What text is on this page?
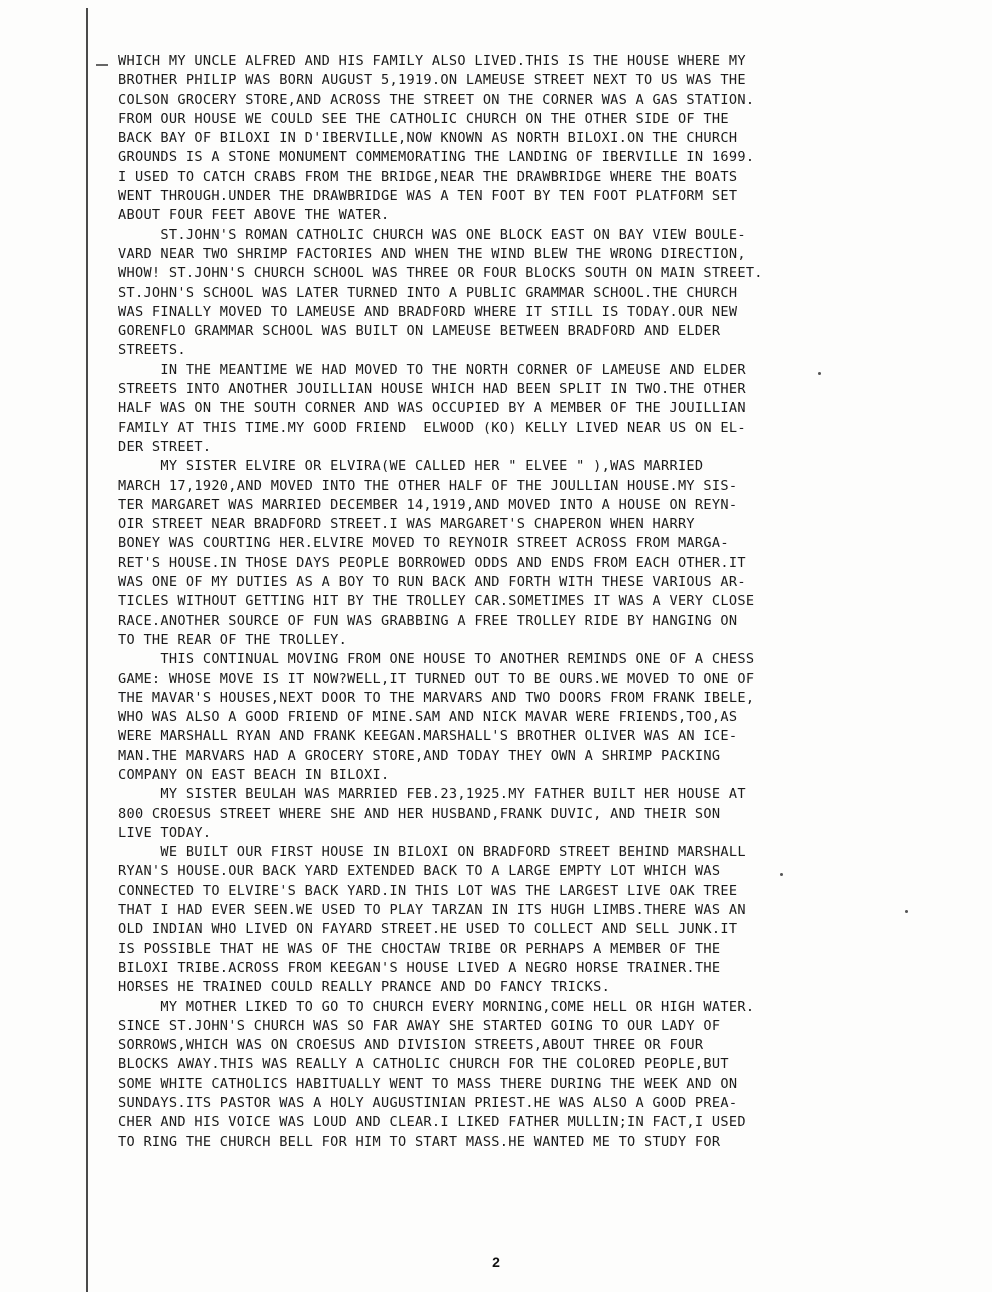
WHICH MY UNCLE ALFRED AND HIS FAMILY ALSO LIVED.THIS IS THE HOUSE WHERE MY
BROTHER PHILIP WAS BORN AUGUST 5,1919.ON LAMEUSE STREET NEXT TO US WAS THE
COLSON GROCERY STORE,AND ACROSS THE STREET ON THE CORNER WAS A GAS STATION.
FROM OUR HOUSE WE COULD SEE THE CATHOLIC CHURCH ON THE OTHER SIDE OF THE
BACK BAY OF BILOXI IN D'IBERVILLE,NOW KNOWN AS NORTH BILOXI.ON THE CHURCH
GROUNDS IS A STONE MONUMENT COMMEMORATING THE LANDING OF IBERVILLE IN 1699.
I USED TO CATCH CRABS FROM THE BRIDGE,NEAR THE DRAWBRIDGE WHERE THE BOATS
WENT THROUGH.UNDER THE DRAWBRIDGE WAS A TEN FOOT BY TEN FOOT PLATFORM SET
ABOUT FOUR FEET ABOVE THE WATER.
ST.JOHN'S ROMAN CATHOLIC CHURCH WAS ONE BLOCK EAST ON BAY VIEW BOULE-
VARD NEAR TWO SHRIMP FACTORIES AND WHEN THE WIND BLEW THE WRONG DIRECTION,
WHOW! ST.JOHN'S CHURCH SCHOOL WAS THREE OR FOUR BLOCKS SOUTH ON MAIN STREET.
ST.JOHN'S SCHOOL WAS LATER TURNED INTO A PUBLIC GRAMMAR SCHOOL.THE CHURCH
WAS FINALLY MOVED TO LAMEUSE AND BRADFORD WHERE IT STILL IS TODAY.OUR NEW
GORENFLO GRAMMAR SCHOOL WAS BUILT ON LAMEUSE BETWEEN BRADFORD AND ELDER
STREETS.
IN THE MEANTIME WE HAD MOVED TO THE NORTH CORNER OF LAMEUSE AND ELDER
STREETS INTO ANOTHER JOUILLIAN HOUSE WHICH HAD BEEN SPLIT IN TWO.THE OTHER
HALF WAS ON THE SOUTH CORNER AND WAS OCCUPIED BY A MEMBER OF THE JOUILLIAN
FAMILY AT THIS TIME.MY GOOD FRIEND  ELWOOD (KO) KELLY LIVED NEAR US ON EL-
DER STREET.
MY SISTER ELVIRE OR ELVIRA(WE CALLED HER " ELVEE " ),WAS MARRIED
MARCH 17,1920,AND MOVED INTO THE OTHER HALF OF THE JOULLIAN HOUSE.MY SIS-
TER MARGARET WAS MARRIED DECEMBER 14,1919,AND MOVED INTO A HOUSE ON REYN-
OIR STREET NEAR BRADFORD STREET.I WAS MARGARET'S CHAPERON WHEN HARRY
BONEY WAS COURTING HER.ELVIRE MOVED TO REYNOIR STREET ACROSS FROM MARGA-
RET'S HOUSE.IN THOSE DAYS PEOPLE BORROWED ODDS AND ENDS FROM EACH OTHER.IT
WAS ONE OF MY DUTIES AS A BOY TO RUN BACK AND FORTH WITH THESE VARIOUS AR-
TICLES WITHOUT GETTING HIT BY THE TROLLEY CAR.SOMETIMES IT WAS A VERY CLOSE
RACE.ANOTHER SOURCE OF FUN WAS GRABBING A FREE TROLLEY RIDE BY HANGING ON
TO THE REAR OF THE TROLLEY.
THIS CONTINUAL MOVING FROM ONE HOUSE TO ANOTHER REMINDS ONE OF A CHESS
GAME: WHOSE MOVE IS IT NOW?WELL,IT TURNED OUT TO BE OURS.WE MOVED TO ONE OF
THE MAVAR'S HOUSES,NEXT DOOR TO THE MARVARS AND TWO DOORS FROM FRANK IBELE,
WHO WAS ALSO A GOOD FRIEND OF MINE.SAM AND NICK MAVAR WERE FRIENDS,TOO,AS
WERE MARSHALL RYAN AND FRANK KEEGAN.MARSHALL'S BROTHER OLIVER WAS AN ICE-
MAN.THE MARVARS HAD A GROCERY STORE,AND TODAY THEY OWN A SHRIMP PACKING
COMPANY ON EAST BEACH IN BILOXI.
MY SISTER BEULAH WAS MARRIED FEB.23,1925.MY FATHER BUILT HER HOUSE AT
800 CROESUS STREET WHERE SHE AND HER HUSBAND,FRANK DUVIC, AND THEIR SON
LIVE TODAY.
WE BUILT OUR FIRST HOUSE IN BILOXI ON BRADFORD STREET BEHIND MARSHALL
RYAN'S HOUSE.OUR BACK YARD EXTENDED BACK TO A LARGE EMPTY LOT WHICH WAS
CONNECTED TO ELVIRE'S BACK YARD.IN THIS LOT WAS THE LARGEST LIVE OAK TREE
THAT I HAD EVER SEEN.WE USED TO PLAY TARZAN IN ITS HUGH LIMBS.THERE WAS AN
OLD INDIAN WHO LIVED ON FAYARD STREET.HE USED TO COLLECT AND SELL JUNK.IT
IS POSSIBLE THAT HE WAS OF THE CHOCTAW TRIBE OR PERHAPS A MEMBER OF THE
BILOXI TRIBE.ACROSS FROM KEEGAN'S HOUSE LIVED A NEGRO HORSE TRAINER.THE
HORSES HE TRAINED COULD REALLY PRANCE AND DO FANCY TRICKS.
MY MOTHER LIKED TO GO TO CHURCH EVERY MORNING,COME HELL OR HIGH WATER.
SINCE ST.JOHN'S CHURCH WAS SO FAR AWAY SHE STARTED GOING TO OUR LADY OF
SORROWS,WHICH WAS ON CROESUS AND DIVISION STREETS,ABOUT THREE OR FOUR
BLOCKS AWAY.THIS WAS REALLY A CATHOLIC CHURCH FOR THE COLORED PEOPLE,BUT
SOME WHITE CATHOLICS HABITUALLY WENT TO MASS THERE DURING THE WEEK AND ON
SUNDAYS.ITS PASTOR WAS A HOLY AUGUSTINIAN PRIEST.HE WAS ALSO A GOOD PREA-
CHER AND HIS VOICE WAS LOUD AND CLEAR.I LIKED FATHER MULLIN;IN FACT,I USED
TO RING THE CHURCH BELL FOR HIM TO START MASS.HE WANTED ME TO STUDY FOR
2
